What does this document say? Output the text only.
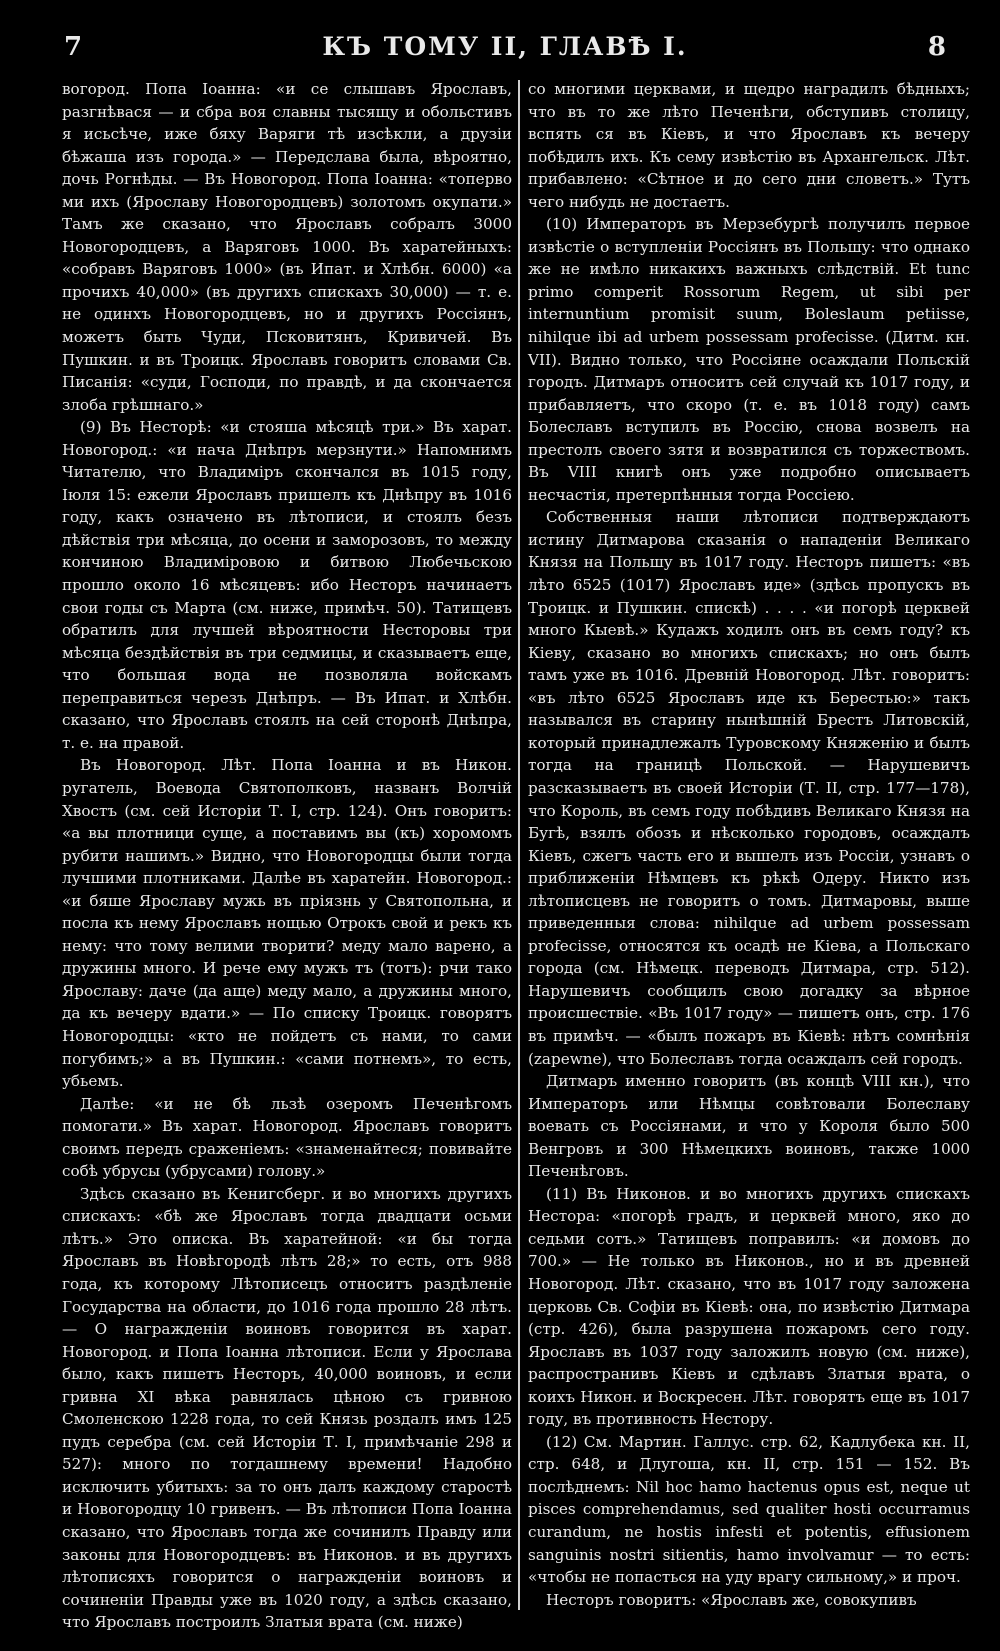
7	КЪ ТОМУ II, ГЛАВѢ I.	8

вогород. Попа Іоанна: «и се слышавъ Ярославъ, разгнѣвася — и сбра воя славны тысящу и обольстивъ я исьсѣче, иже бяху Варяги тѣ изсѣкли, а друзіи бѣжаша изъ города.» — Передслава была, вѣроятно, дочь Рогнѣды. — Въ Новогород. Попа Іоанна: «топерво ми ихъ (Ярославу Новогородцевъ) золотомъ окупати.» Тамъ же сказано, что Ярославъ собралъ 3000 Новогородцевъ, а Варяговъ 1000. Въ харатейныхъ: «собравъ Варяговъ 1000» (въ Ипат. и Хлѣбн. 6000) «а прочихъ 40,000» (въ другихъ спискахъ 30,000) — т. е. не одинхъ Новогородцевъ, но и другихъ Россіянъ, можетъ быть Чуди, Псковитянъ, Кривичей. Въ Пушкин. и въ Троицк. Ярославъ говоритъ словами Св. Писанія: «суди, Господи, по правдѣ, и да скончается злоба грѣшнаго.»

(9) Въ Несторѣ: «и стояша мѣсяцѣ три.» Въ харат. Новогород.: «и нача Днѣпръ мерзнути.» Напомнимъ Читателю, что Владиміръ скончался въ 1015 году, Іюля 15: ежели Ярославъ пришелъ къ Днѣпру въ 1016 году, какъ означено въ лѣтописи, и стоялъ безъ дѣйствія три мѣсяца, до осени и заморозовъ, то между кончиною Владиміровою и битвою Любечьскою прошло около 16 мѣсяцевъ: ибо Несторъ начинаетъ свои годы съ Марта (см. ниже, примѣч. 50). Татищевъ обратилъ для лучшей вѣроятности Несторовы три мѣсяца бездѣйствія въ три седмицы, и сказываетъ еще, что большая вода не позволяла войскамъ переправиться черезъ Днѣпръ. — Въ Ипат. и Хлѣбн. сказано, что Ярославъ стоялъ на сей сторонѣ Днѣпра, т. е. на правой.

Въ Новогород. Лѣт. Попа Іоанна и въ Никон. ругатель, Воевода Святополковъ, названъ Волчій Хвостъ (см. сей Исторіи Т. I, стр. 124). Онъ говоритъ: «а вы плотници суще, а поставимъ вы (къ) хоромомъ рубити нашимъ.» Видно, что Новогородцы были тогда лучшими плотниками. Далѣе въ харатейн. Новогород.: «и бяше Ярославу мужь въ пріязнь у Святопольна, и посла къ нему Ярославъ нощью Отрокъ свой и рекъ къ нему: что тому велими творити? меду мало варено, а дружины много. И рече ему мужъ тъ (тотъ): рчи тако Ярославу: даче (да аще) меду мало, а дружины много, да къ вечеру вдати.» — По списку Троицк. говорятъ Новогородцы: «кто не пойдетъ съ нами, то сами погубимъ;» а въ Пушкин.: «сами потнемъ», то есть, убьемъ.

Далѣе: «и не бѣ льзѣ озеромъ Печенѣгомъ помогати.» Въ харат. Новогород. Ярославъ говоритъ своимъ передъ сраженіемъ: «знаменайтеся; повивайте собѣ убрусы (убрусами) голову.»

Здѣсь сказано въ Кенигсберг. и во многихъ другихъ спискахъ: «бѣ же Ярославъ тогда двадцати осьми лѣтъ.» Это описка. Въ харатейной: «и бы тогда Ярославъ въ Новѣгородѣ лѣтъ 28;» то есть, отъ 988 года, къ которому Лѣтописецъ относитъ раздѣленіе Государства на области, до 1016 года прошло 28 лѣтъ. — О награжденіи воиновъ говорится въ харат. Новогород. и Попа Іоанна лѣтописи. Если у Ярослава было, какъ пишетъ Несторъ, 40,000 воиновъ, и если гривна XI вѣка равнялась цѣною съ гривною Смоленскою 1228 года, то сей Князь роздалъ имъ 125 пудъ серебра (см. сей Исторіи Т. I, примѣчаніе 298 и 527): много по тогдашнему времени! Надобно исключить убитыхъ: за то онъ далъ каждому старостѣ и Новогородцу 10 гривенъ. — Въ лѣтописи Попа Іоанна сказано, что Ярославъ тогда же сочинилъ Правду или законы для Новогородцевъ: въ Никонов. и въ другихъ лѣтописяхъ говорится о награжденіи воиновъ и сочиненіи Правды уже въ 1020 году, а здѣсь сказано, что Ярославъ построилъ Златыя врата (см. ниже)

со многими церквами, и щедро наградилъ бѣдныхъ; что въ то же лѣто Печенѣги, обступивъ столицу, вспять ся въ Кіевъ, и что Ярославъ къ вечеру побѣдилъ ихъ. Къ сему извѣстію въ Архангельск. Лѣт. прибавлено: «Сѣтное и до сего дни словетъ.» Тутъ чего нибудь не достаетъ.

(10) Императоръ въ Мерзебургѣ получилъ первое извѣстіе о вступленіи Россіянъ въ Польшу: что однако же не имѣло никакихъ важныхъ слѣдствій. Et tunc primo comperit Rossorum Regem, ut sibi per internuntium promisit suum, Boleslaum petiisse, nihilque ibi ad urbem possessam profecisse. (Дитм. кн. VII). Видно только, что Россіяне осаждали Польскій городъ. Дитмаръ относитъ сей случай къ 1017 году, и прибавляетъ, что скоро (т. е. въ 1018 году) самъ Болеславъ вступилъ въ Россію, снова возвелъ на престолъ своего зятя и возвратился съ торжествомъ. Въ VIII книгѣ онъ уже подробно описываетъ несчастія, претерпѣнныя тогда Россіею.

Собственныя наши лѣтописи подтверждаютъ истину Дитмарова сказанія о нападеніи Великаго Князя на Польшу въ 1017 году. Несторъ пишетъ: «въ лѣто 6525 (1017) Ярославъ иде» (здѣсь пропускъ въ Троицк. и Пушкин. спискѣ) . . . . «и погорѣ церквей много Кыевѣ.» Кудажъ ходилъ онъ въ семъ году? къ Кіеву, сказано во многихъ спискахъ; но онъ былъ тамъ уже въ 1016. Древній Новогород. Лѣт. говоритъ: «въ лѣто 6525 Ярославъ иде къ Берестью:» такъ назывался въ старину нынѣшній Брестъ Литовскій, который принадлежалъ Туровскому Княженію и былъ тогда на границѣ Польской. — Нарушевичъ разсказываетъ въ своей Исторіи (Т. II, стр. 177—178), что Король, въ семъ году побѣдивъ Великаго Князя на Бугѣ, взялъ обозъ и нѣсколько городовъ, осаждалъ Кіевъ, сжегъ часть его и вышелъ изъ Россіи, узнавъ о приближеніи Нѣмцевъ къ рѣкѣ Одеру. Никто изъ лѣтописцевъ не говоритъ о томъ. Дитмаровы, выше приведенныя слова: nihilque ad urbem possessam profecisse, относятся къ осадѣ не Кіева, а Польскаго города (см. Нѣмецк. переводъ Дитмара, стр. 512). Нарушевичъ сообщилъ свою догадку за вѣрное происшествіе. «Въ 1017 году» — пишетъ онъ, стр. 176 въ примѣч. — «былъ пожаръ въ Кіевѣ: нѣтъ сомнѣнія (zapewne), что Болеславъ тогда осаждалъ сей городъ.

Дитмаръ именно говоритъ (въ концѣ VIII кн.), что Императоръ или Нѣмцы совѣтовали Болеславу воевать съ Россіянами, и что у Короля было 500 Венгровъ и 300 Нѣмецкихъ воиновъ, также 1000 Печенѣговъ.

(11) Въ Никонов. и во многихъ другихъ спискахъ Нестора: «погорѣ градъ, и церквей много, яко до седьми сотъ.» Татищевъ поправилъ: «и домовъ до 700.» — Не только въ Никонов., но и въ древней Новогород. Лѣт. сказано, что въ 1017 году заложена церковь Св. Софіи въ Кіевѣ: она, по извѣстію Дитмара (стр. 426), была разрушена пожаромъ сего году. Ярославъ въ 1037 году заложилъ новую (см. ниже), распространивъ Кіевъ и сдѣлавъ Златыя врата, о коихъ Никон. и Воскресен. Лѣт. говорятъ еще въ 1017 году, въ противность Нестору.

(12) См. Мартин. Галлус. стр. 62, Кадлубека кн. II, стр. 648, и Длугоша, кн. II, стр. 151 — 152. Въ послѣднемъ: Nil hoc hamo hactenus opus est, neque ut pisces comprehendamus, sed qualiter hosti occurramus curandum, ne hostis infesti et potentis, effusionem sanguinis nostri sitientis, hamo involvamur — то есть: «чтобы не попасться на уду врагу сильному,» и проч.

Несторъ говоритъ: «Ярославъ же, совокупивъ
